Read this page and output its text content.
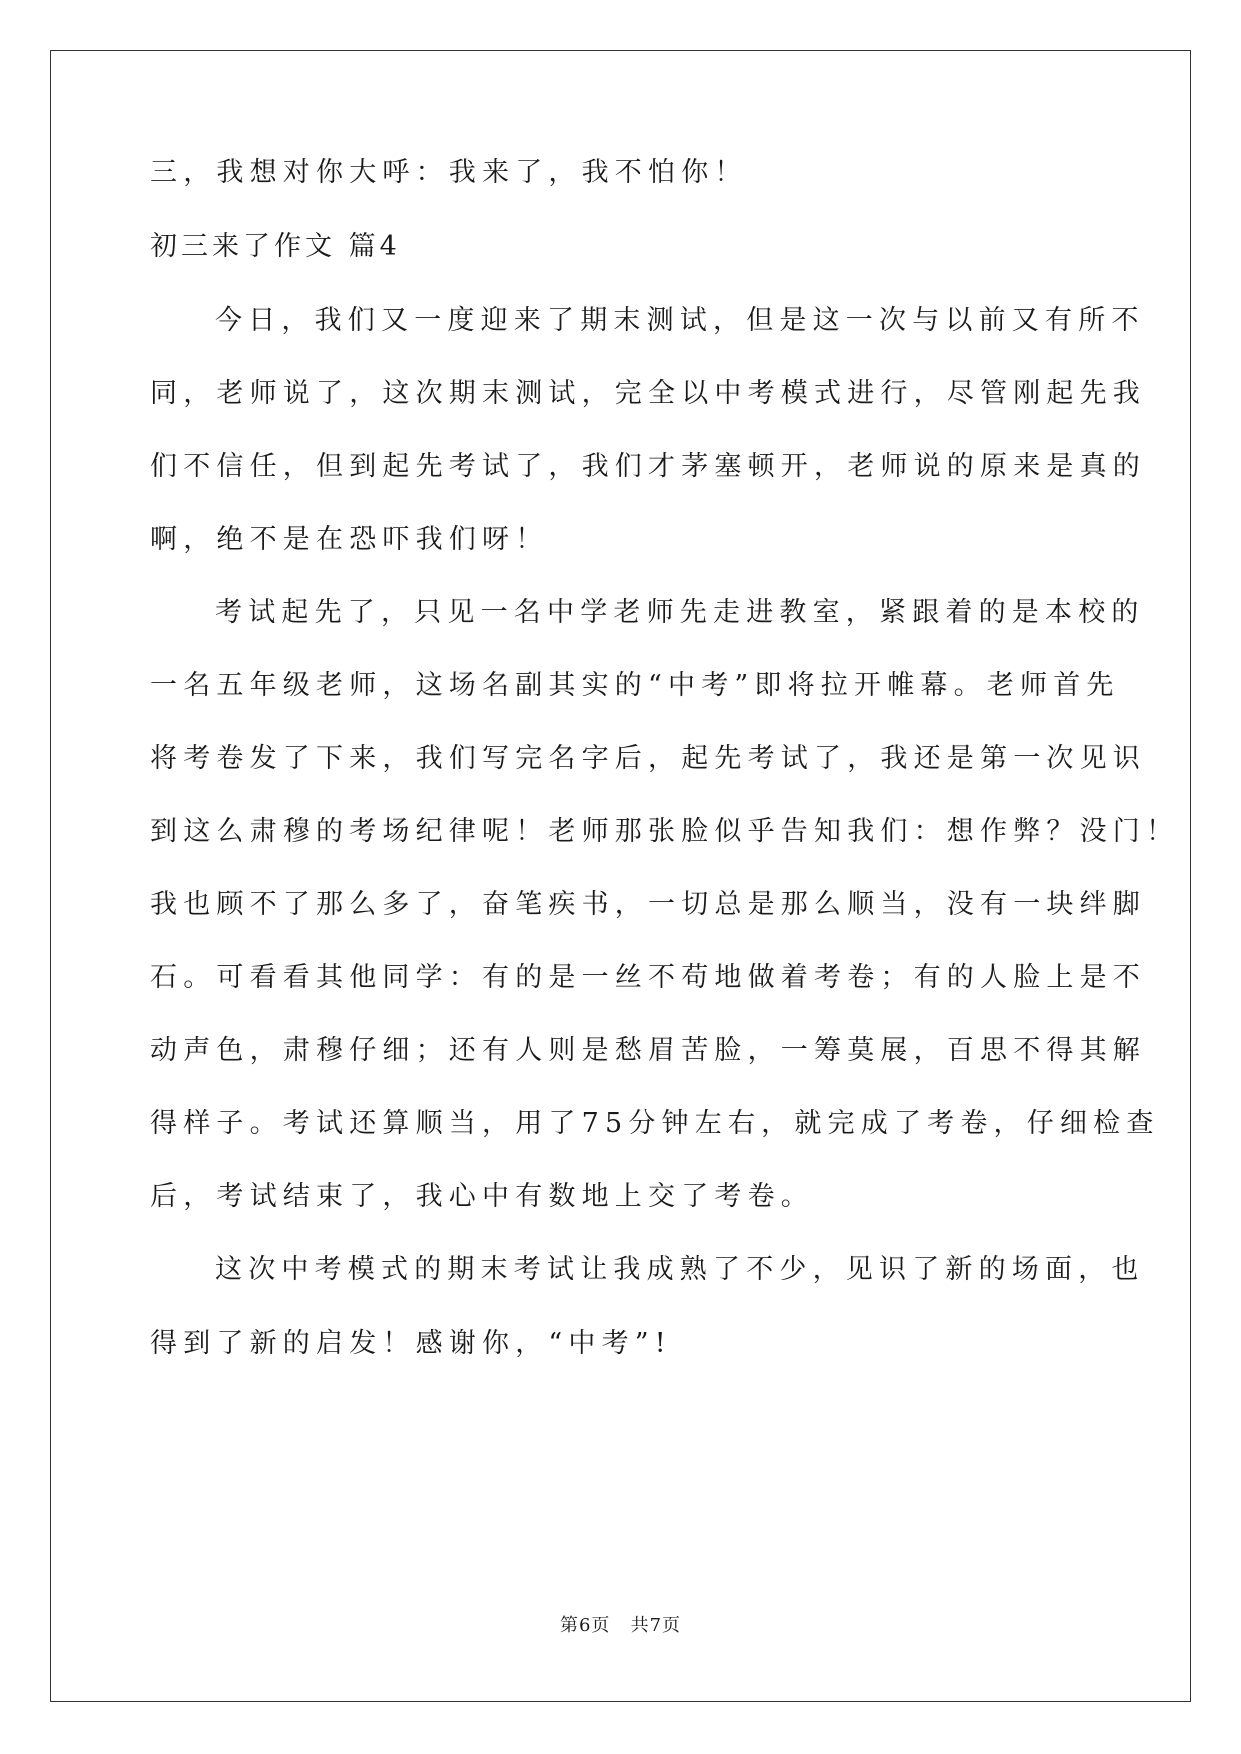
三，我想对你大呼：我来了，我不怕你！
初三来了作文 篇4
今日，我们又一度迎来了期末测试，但是这一次与以前又有所不
同，老师说了，这次期末测试，完全以中考模式进行，尽管刚起先我
们不信任，但到起先考试了，我们才茅塞顿开，老师说的原来是真的
啊，绝不是在恐吓我们呀！
考试起先了，只见一名中学老师先走进教室，紧跟着的是本校的
一名五年级老师，这场名副其实的“中考”即将拉开帷幕。老师首先
将考卷发了下来，我们写完名字后，起先考试了，我还是第一次见识
到这么肃穆的考场纪律呢！老师那张脸似乎告知我们：想作弊？没门！
我也顾不了那么多了，奋笔疾书，一切总是那么顺当，没有一块绊脚
石。可看看其他同学：有的是一丝不苟地做着考卷；有的人脸上是不
动声色，肃穆仔细；还有人则是愁眉苦脸，一筹莫展，百思不得其解
得样子。考试还算顺当，用了75分钟左右，就完成了考卷，仔细检查
后，考试结束了，我心中有数地上交了考卷。
这次中考模式的期末考试让我成熟了不少，见识了新的场面，也
得到了新的启发！感谢你，“中考”!
第6页   共7页
